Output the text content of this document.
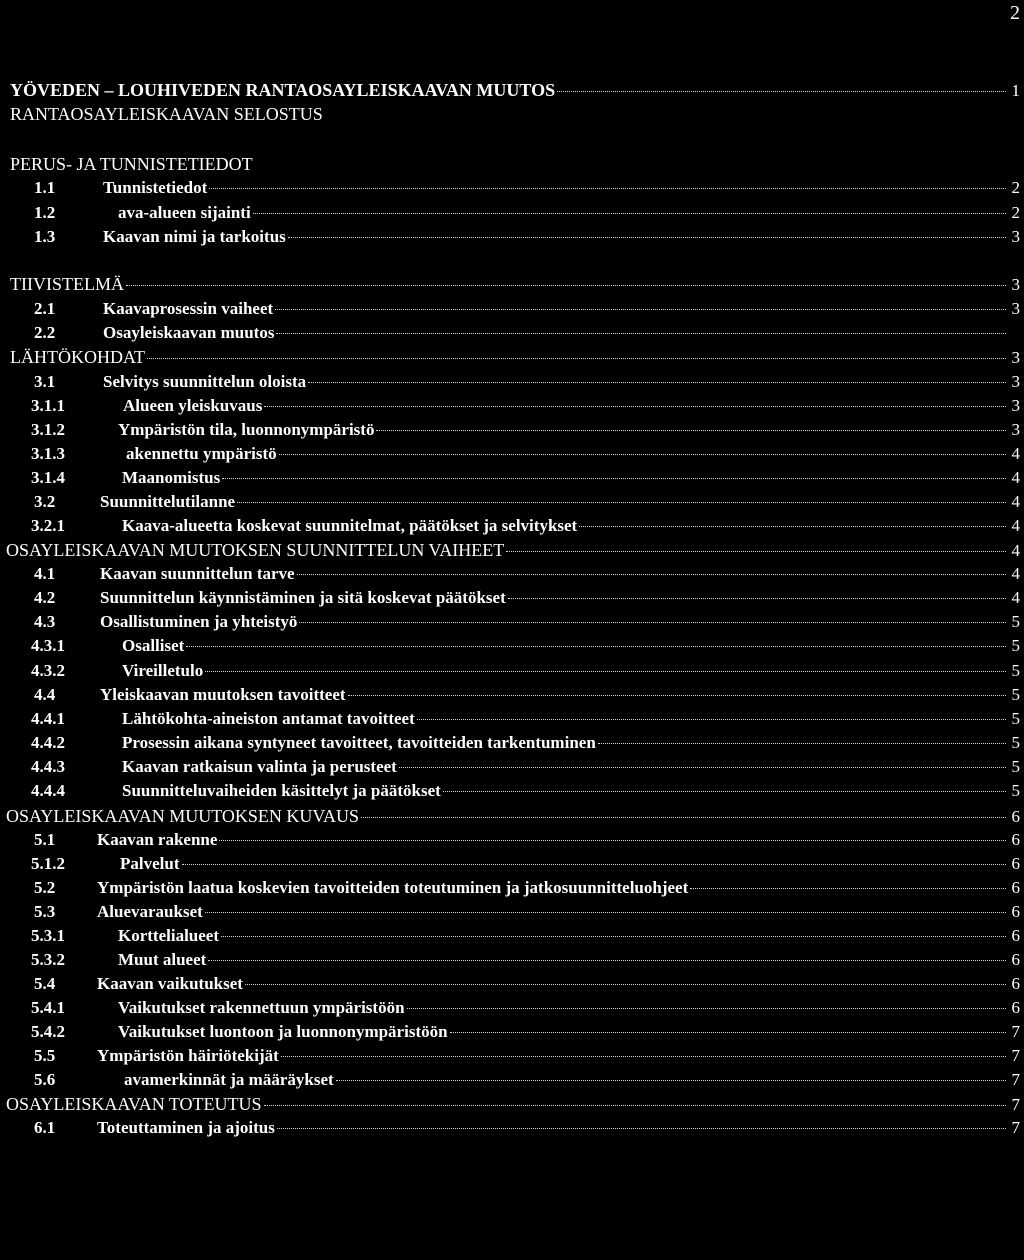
2
YÖVEDEN – LOUHIVEDEN RANTAOSAYLEISKAAVAN MUUTOS	1
RANTAOSAYLEISKAAVAN SELOSTUS
PERUS- JA TUNNISTETIEDOT
1.1	Tunnistetiedot	2
1.2	ava-alueen sijainti	2
1.3	Kaavan nimi ja tarkoitus	3
TIIVISTELMÄ	3
2.1	Kaavaprosessin vaiheet	3
2.2	Osayleiskaavan muutos
LÄHTÖKOHDAT	3
3.1	Selvitys suunnittelun oloista	3
3.1.1	Alueen yleiskuvaus	3
3.1.2	Ympäristön tila, luonnonympäristö	3
3.1.3	akennettu ympäristö	4
3.1.4	Maanomistus	4
3.2	Suunnittelutilanne	4
3.2.1	Kaava-alueetta koskevat suunnitelmat, päätökset ja selvitykset	4
OSAYLEISKAAVAN MUUTOKSEN SUUNNITTELUN VAIHEET	4
4.1	Kaavan suunnittelun tarve	4
4.2	Suunnittelun käynnistäminen ja sitä koskevat päätökset	4
4.3	Osallistuminen ja yhteistyö	5
4.3.1	Osalliset	5
4.3.2	Vireilletulo	5
4.4	Yleiskaavan muutoksen tavoitteet	5
4.4.1	Lähtökohta-aineiston antamat tavoitteet	5
4.4.2	Prosessin aikana syntyneet tavoitteet, tavoitteiden tarkentuminen	5
4.4.3	Kaavan ratkaisun valinta ja perusteet	5
4.4.4	Suunnitteluvaiheiden käsittelyt ja päätökset	5
OSAYLEISKAAVAN MUUTOKSEN KUVAUS	6
5.1 Kaavan rakenne	6
5.1.2	Palvelut	6
5.2 Ympäristön laatua koskevien tavoitteiden toteutuminen ja jatkosuunnitteluohjeet	6
5.3 Aluevaraukset	6
5.3.1	Korttelialueet	6
5.3.2	Muut alueet	6
5.4 Kaavan vaikutukset	6
5.4.1	Vaikutukset rakennettuun ympäristöön	6
5.4.2	Vaikutukset luontoon ja luonnonympäristöön	7
5.5 Ympäristön häiriötekijät	7
5.6	avamerkinnät ja määräykset	7
OSAYLEISKAAVAN TOTEUTUS	7
6.1 Toteuttaminen ja ajoitus	7
